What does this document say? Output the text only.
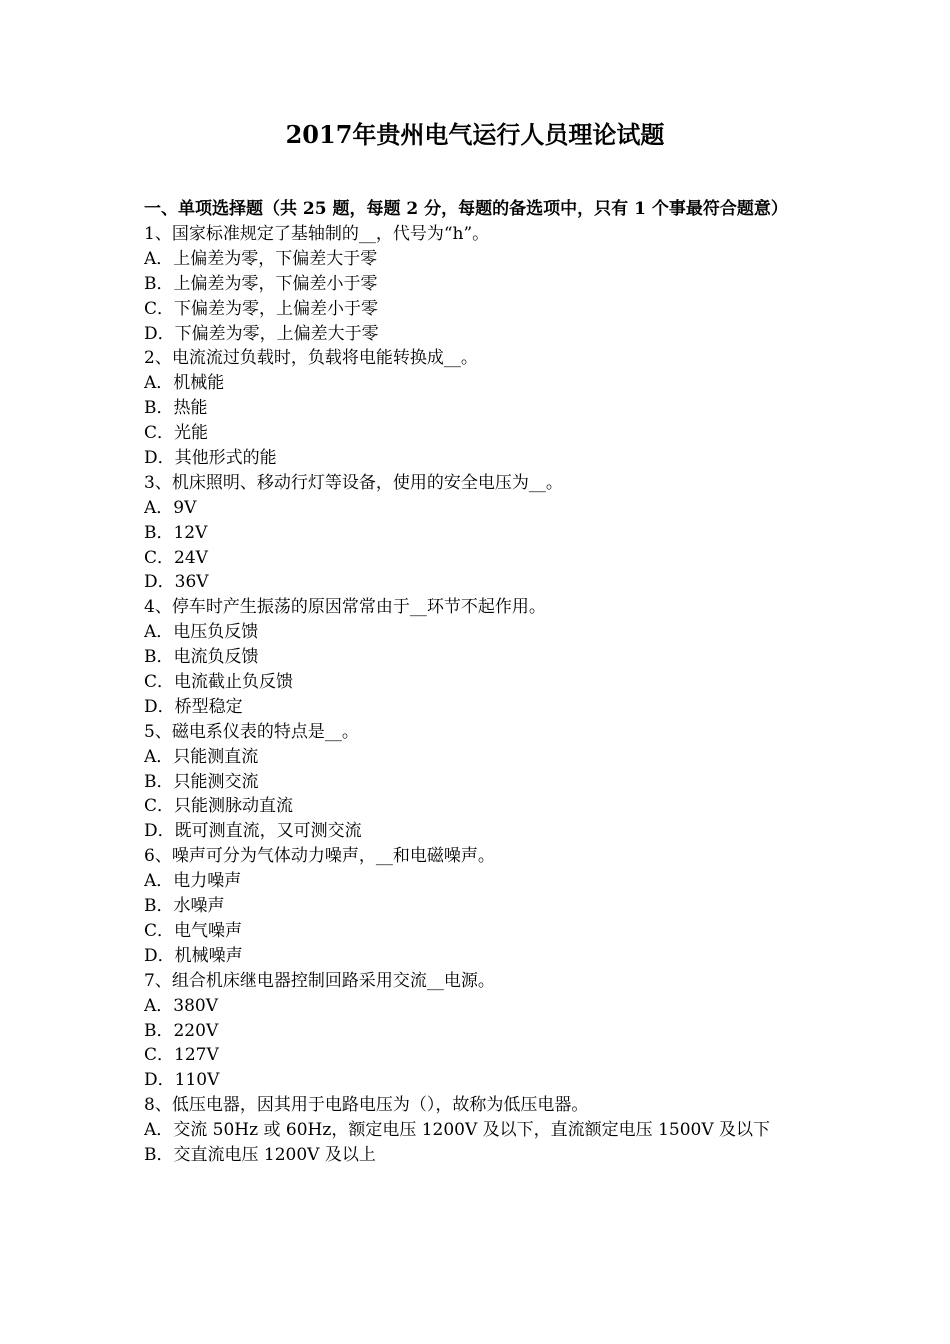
2017年贵州电气运行人员理论试题

一、单项选择题（共 25 题，每题 2 分，每题的备选项中，只有 1 个事最符合题意）

1、国家标准规定了基轴制的__，代号为“h”。
A．上偏差为零，下偏差大于零
B．上偏差为零，下偏差小于零
C．下偏差为零，上偏差小于零
D．下偏差为零，上偏差大于零
2、电流流过负载时，负载将电能转换成__。
A．机械能
B．热能
C．光能
D．其他形式的能
3、机床照明、移动行灯等设备，使用的安全电压为__。
A．9V
B．12V
C．24V
D．36V
4、停车时产生振荡的原因常常由于__环节不起作用。
A．电压负反馈
B．电流负反馈
C．电流截止负反馈
D．桥型稳定
5、磁电系仪表的特点是__。
A．只能测直流
B．只能测交流
C．只能测脉动直流
D．既可测直流，又可测交流
6、噪声可分为气体动力噪声，__和电磁噪声。
A．电力噪声
B．水噪声
C．电气噪声
D．机械噪声
7、组合机床继电器控制回路采用交流__电源。
A．380V
B．220V
C．127V
D．110V
8、低压电器，因其用于电路电压为（），故称为低压电器。
A．交流 50Hz 或 60Hz，额定电压 1200V 及以下，直流额定电压 1500V 及以下
B．交直流电压 1200V 及以上
